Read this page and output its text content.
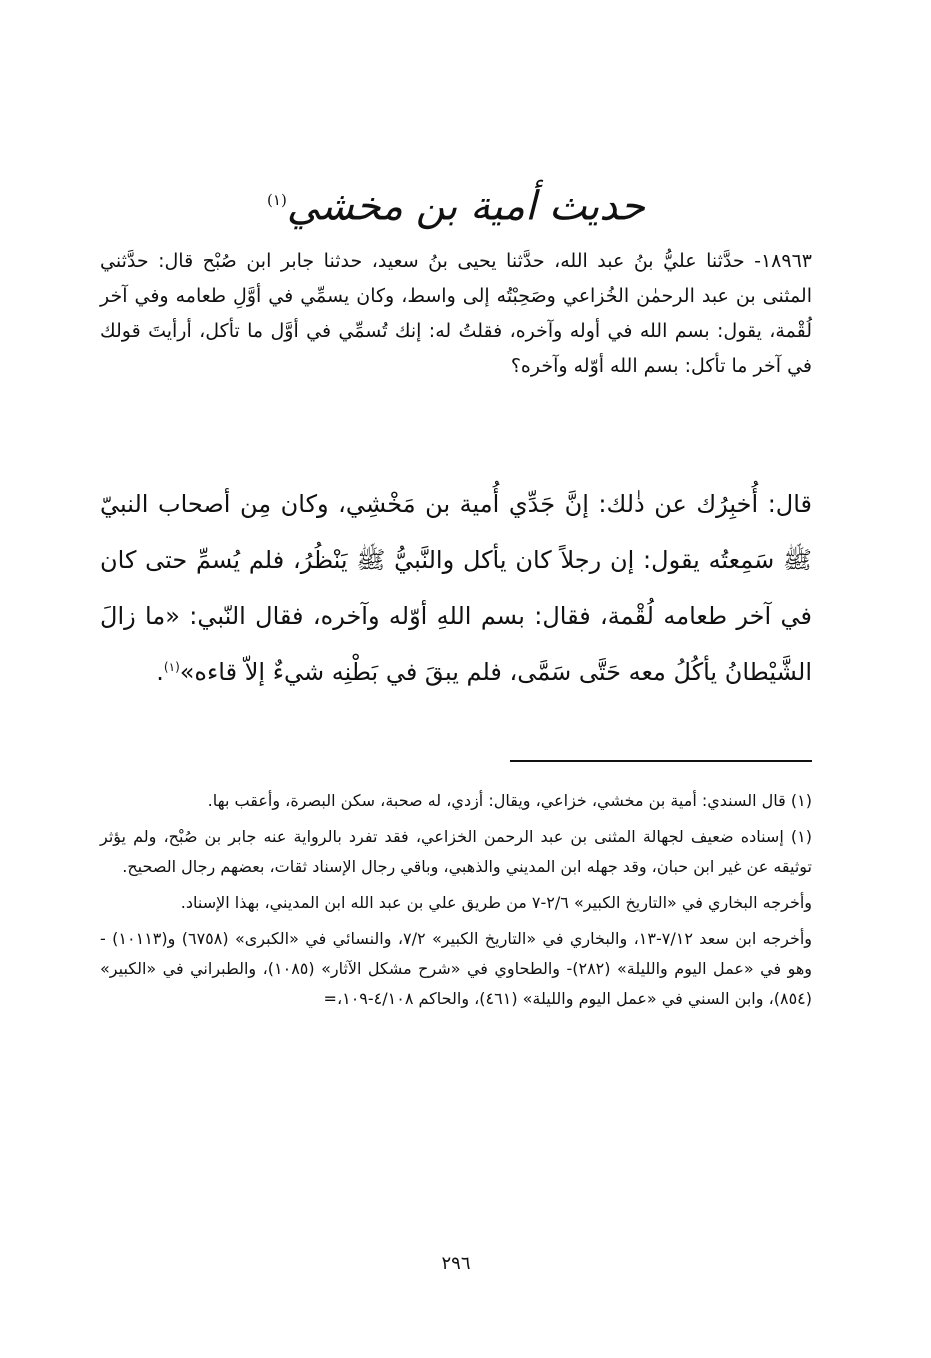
حديث أمية بن مخشي$^{(١)}$

١٨٩٦٣- حدَّثنا عليُّ بنُ عبد الله، حدَّثنا يحيى بنُ سعيد، حدثنا جابر ابن صُبْح قال: حدَّثني المثنى بن عبد الرحمٰن الخُزاعي وصَحِبْتُه إلى واسط، وكان يسمِّي في أوَّلِ طعامه وفي آخر لُقْمة، يقول: بسم الله في أوله وآخره، فقلتُ له: إنك تُسمِّي في أوَّل ما تأكل، أرأيتَ قولك في آخر ما تأكل: بسم الله أوّله وآخره؟

قال: أُخبِرُك عن ذٰلك: إنَّ جَدِّي أُمية بن مَخْشِي، وكان مِن أصحاب النبيّ ﷺ سَمِعتُه يقول: إن رجلاً كان يأكل والنَّبيُّ ﷺ يَنْظُرُ، فلم يُسمِّ حتى كان في آخر طعامه لُقْمة، فقال: بسم اللهِ أوّله وآخره، فقال النّبي: «ما زالَ الشَّيْطانُ يأكُلُ معه حَتَّى سَمَّى، فلم يبقَ في بَطْنِه شيءٌ إلاّ قاءه»$^{(١)}$.

(١) قال السندي: أمية بن مخشي، خزاعي، ويقال: أزدي، له صحبة، سكن البصرة، وأعقب بها.

(١) إسناده ضعيف لجهالة المثنى بن عبد الرحمن الخزاعي، فقد تفرد بالرواية عنه جابر بن صُبْح، ولم يؤثر توثيقه عن غير ابن حبان، وقد جهله ابن المديني والذهبي، وباقي رجال الإسناد ثقات، بعضهم رجال الصحيح.

وأخرجه البخاري في «التاريخ الكبير» ٢/٦-٧ من طريق علي بن عبد الله ابن المديني، بهذا الإسناد.

وأخرجه ابن سعد ٧/١٢-١٣، والبخاري في «التاريخ الكبير» ٧/٢، والنسائي في «الكبرى» (٦٧٥٨) و(١٠١١٣) - وهو في «عمل اليوم والليلة» (٢٨٢)- والطحاوي في «شرح مشكل الآثار» (١٠٨٥)، والطبراني في «الكبير» (٨٥٤)، وابن السني في «عمل اليوم والليلة» (٤٦١)، والحاكم ٤/١٠٨-١٠٩،=

٢٩٦
